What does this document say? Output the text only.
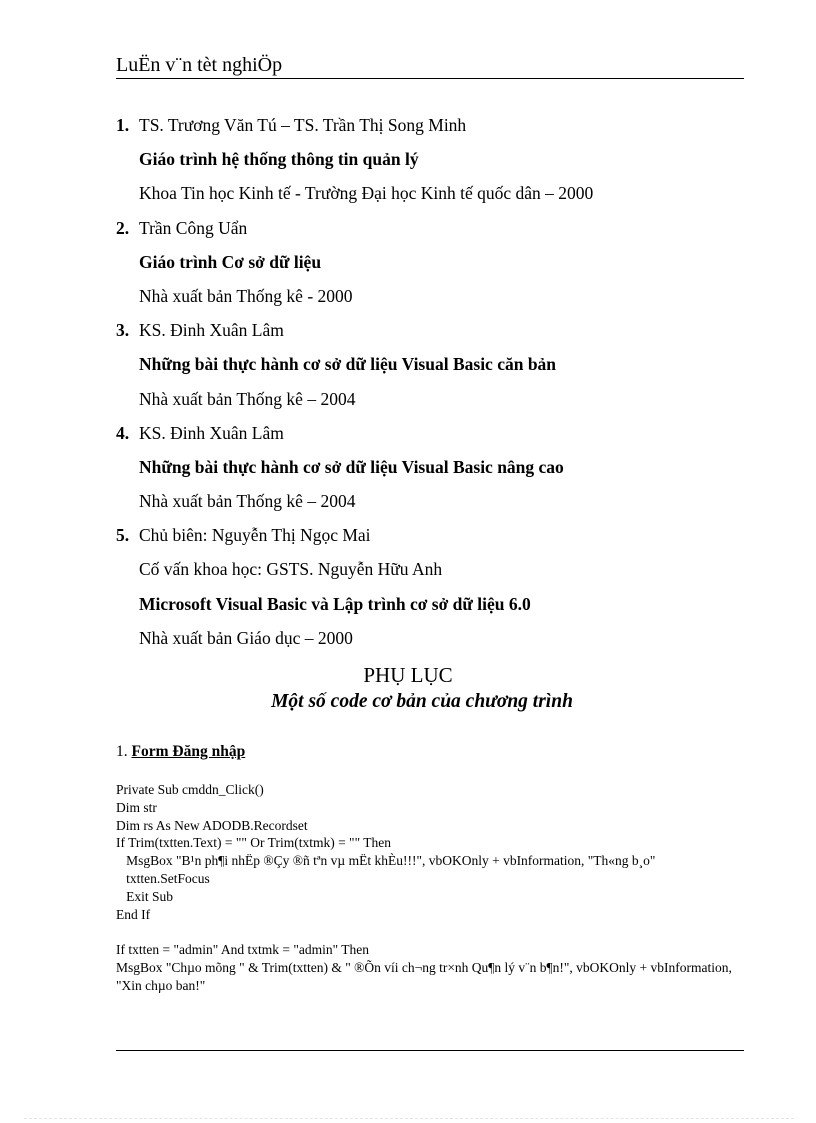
LuËn v¨n tèt nghiÖp
1. TS. Trương Văn Tú – TS. Trần Thị Song Minh
Giáo trình hệ thống thông tin quản lý
Khoa Tin học Kinh tế - Trường Đại học Kinh tế quốc dân – 2000
2. Trần Công Uẩn
Giáo trình Cơ sở dữ liệu
Nhà xuất bản Thống kê - 2000
3. KS. Đinh Xuân Lâm
Những bài thực hành cơ sở dữ liệu Visual Basic căn bản
Nhà xuất bản Thống kê – 2004
4. KS. Đinh Xuân Lâm
Những bài thực hành cơ sở dữ liệu Visual Basic nâng cao
Nhà xuất bản Thống kê – 2004
5. Chủ biên: Nguyễn Thị Ngọc Mai
Cố vấn khoa học: GSTS. Nguyễn Hữu Anh
Microsoft Visual Basic và Lập trình cơ sở dữ liệu 6.0
Nhà xuất bản Giáo dục – 2000
PHỤ LỤC
Một số code cơ bản của chương trình
1. Form Đăng nhập
Private Sub cmddn_Click()
Dim str
Dim rs As New ADODB.Recordset
If Trim(txtten.Text) = "" Or Trim(txtmk) = "" Then
MsgBox "B¹n ph¶i nhËp ®Çy ®ñ tªn vµ mËt khÈu!!!", vbOKOnly + vbInformation, "Th«ng b¸o"
txtten.SetFocus
Exit Sub
End If
If txtten = "admin" And txtmk = "admin" Then
MsgBox "Chµo mõng " & Trim(txtten) & " ®Õn víi ch¬ng tr×nh Qu¶n lý v¨n b¶n!", vbOKOnly + vbInformation, "Xin chµo ban!"
